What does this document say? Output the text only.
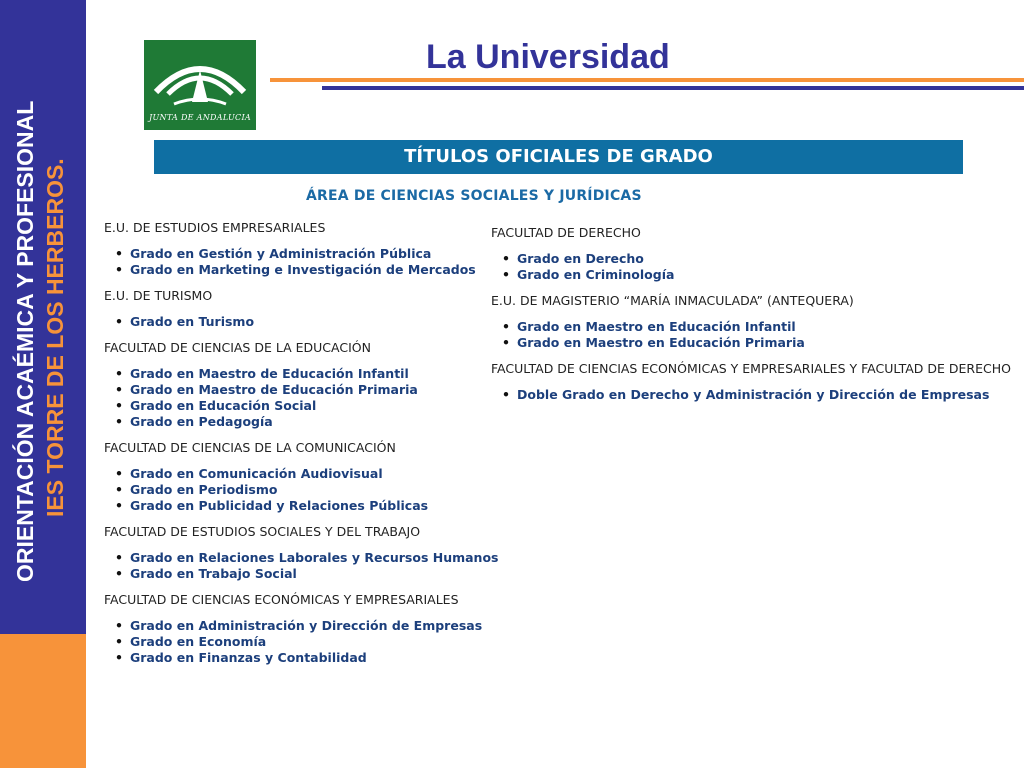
ORIENTACIÓN ACAÉMICA Y PROFESIONAL IES TORRE DE LOS HERBEROS.
JUNTA DE ANDALUCIA
La Universidad
TÍTULOS OFICIALES DE GRADO
ÁREA DE CIENCIAS SOCIALES Y JURÍDICAS
E.U. DE ESTUDIOS EMPRESARIALES
• Grado en Gestión y Administración Pública
• Grado en Marketing e Investigación de Mercados
E.U. DE TURISMO
• Grado en Turismo
FACULTAD DE CIENCIAS DE LA EDUCACIÓN
• Grado en Maestro de Educación Infantil
• Grado en Maestro de Educación Primaria
• Grado en Educación Social
• Grado en Pedagogía
FACULTAD DE CIENCIAS DE LA COMUNICACIÓN
• Grado en Comunicación Audiovisual
• Grado en Periodismo
• Grado en Publicidad y Relaciones Públicas
FACULTAD DE ESTUDIOS SOCIALES Y DEL TRABAJO
• Grado en Relaciones Laborales y Recursos Humanos
• Grado en Trabajo Social
FACULTAD DE CIENCIAS ECONÓMICAS Y EMPRESARIALES
• Grado en Administración y Dirección de Empresas
• Grado en Economía
• Grado en Finanzas y Contabilidad
FACULTAD DE DERECHO
• Grado en Derecho
• Grado en Criminología
E.U. DE MAGISTERIO “MARÍA INMACULADA” (ANTEQUERA)
• Grado en Maestro en Educación Infantil
• Grado en Maestro en Educación Primaria
FACULTAD DE CIENCIAS ECONÓMICAS Y EMPRESARIALES Y FACULTAD DE DERECHO
• Doble Grado en Derecho y Administración y Dirección de Empresas
